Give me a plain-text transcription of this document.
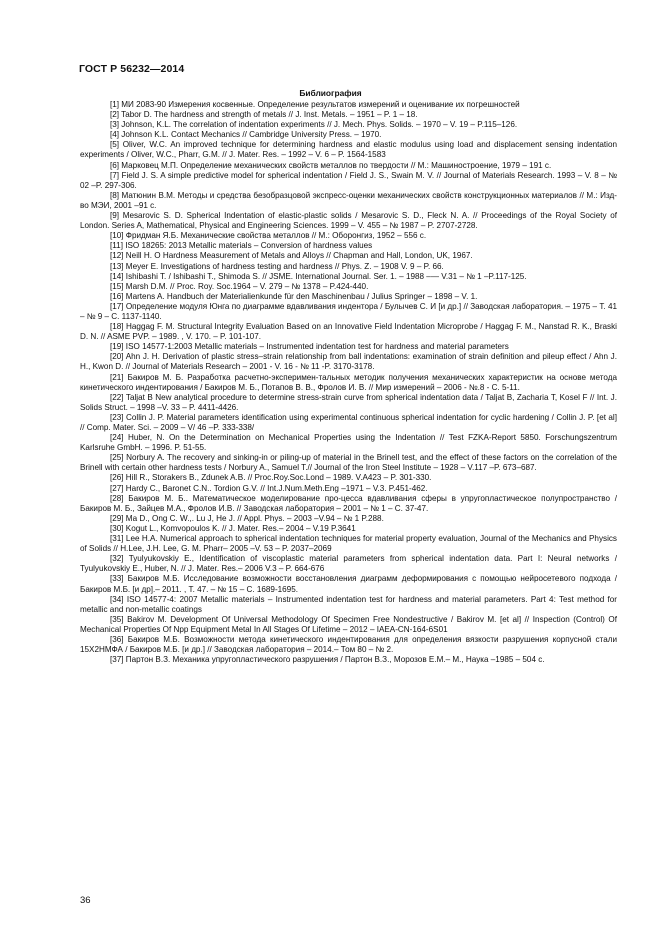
ГОСТ Р 56232—2014
Библиография

[1] МИ 2083-90 Измерения косвенные. Определение результатов измерений и оценивание их погрешностей

[2] Tabor D. The hardness and strength of metals // J. Inst. Metals. – 1951 – P. 1 – 18.

[3] Johnson, K.L. The correlation of indentation experiments // J. Mech. Phys. Solids. – 1970 – V. 19 – P.115–126.

[4] Johnson K.L. Contact Mechanics // Cambridge University Press. – 1970.

[5] Oliver, W.C. An improved technique for determining hardness and elastic modulus using load and displacement sensing indentation experiments / Oliver, W.C., Pharr, G.M. // J. Mater. Res. – 1992 – V. 6 – P. 1564-1583

[6] Марковец М.П. Определение механических свойств металлов по твердости // М.: Машиностроение, 1979 – 191 с.

[7] Field J. S. A simple predictive model for spherical indentation / Field J. S., Swain M. V. // Journal of Materials Research. 1993 – V. 8 – № 02 –P. 297-306.

[8] Матюнин В.М. Методы и средства безобразцовой экспресс-оценки механических свойств конструкционных материалов // М.: Изд-во МЭИ, 2001 –91 с.

[9] Mesarovic S. D. Spherical Indentation of elastic-plastic solids / Mesarovic S. D., Fleck N. A. // Proceedings of the Royal Society of London. Series A, Mathematical, Physical and Engineering Sciences. 1999 – V. 455 – № 1987 – P. 2707-2728.

[10] Фридман Я.Б. Механические свойства металлов // М.: Оборонгиз, 1952 – 556 с.

[11] ISO 18265: 2013 Metallic materials – Conversion of hardness values

[12] Neill H. O Hardness Measurement of Metals and Alloys // Chapman and Hall, London, UK, 1967.

[13] Meyer E. Investigations of hardness testing and hardness // Phys. Z. – 1908 V. 9 – P. 66.

[14] Ishibashi T. / Ishibashi T., Shimoda S. // JSME. International Journal. Ser. 1. – 1988 –— V.31 – № 1 –P.117-125.

[15] Marsh D.M. // Proc. Roy. Soc.1964 – V. 279 – № 1378 – P.424-440.

[16] Martens A. Handbuch der Materialienkunde für den Maschinenbau / Julius Springer – 1898 – V. 1.

[17] Определение модуля Юнга по диаграмме вдавливания индентора / Булычев С. И [и др.] // Заводская лаборатория. – 1975 – Т. 41 – № 9 – С. 1137-1140.

[18] Haggag F. M. Structural Integrity Evaluation Based on an Innovative Field Indentation Microprobe / Haggag F. M., Nanstad R. K., Braski D. N. // ASME PVP. – 1989. , V. 170. – P. 101-107.

[19] ISO 14577-1:2003 Metallic materials – Instrumented indentation test for hardness and material parameters

[20] Ahn J. H. Derivation of plastic stress–strain relationship from ball indentations: examination of strain definition and pileup effect / Ahn J. H., Kwon D. // Journal of Materials Research – 2001 - V. 16 - № 11 -P. 3170-3178.

[21] Бакиров М. Б. Разработка расчетно-эксперимен-тальных методик получения механических характеристик на основе метода кинетического индентирования / Бакиров М. Б., Потапов В. В., Фролов И. В. // Мир измерений – 2006 - №.8 - С. 5-11.

[22] Taljat B New analytical procedure to determine stress-strain curve from spherical indentation data / Taljat B, Zacharia T, Kosel F // Int. J. Solids Struct. – 1998 –V. 33 – P. 4411-4426.

[23] Collin J. P. Material parameters identification using experimental continuous spherical indentation for cyclic hardening / Collin J. P. [et al] // Comp. Mater. Sci. – 2009 – V/ 46 –P. 333-338/

[24] Huber, N. On the Determination on Mechanical Properties using the Indentation // Test FZKA-Report 5850. Forschungszentrum Karlsruhe GmbH. – 1996. P. 51-55.

[25] Norbury A. The recovery and sinking-in or piling-up of material in the Brinell test, and the effect of these factors on the correlation of the Brinell with certain other hardness tests / Norbury A., Samuel T.// Journal of the Iron Steel Institute – 1928 – V.117 –P. 673–687.

[26] Hill R., Storakers B., Zdunek A.B. // Proc.Roy.Soc.Lond – 1989. V.A423 – P. 301-330.

[27] Hardy C., Baronet C.N.. Tordion G.V. // Int.J.Num.Meth.Eng –1971 – V.3. P.451-462.

[28] Бакиров М. Б.. Математическое моделирование про-цесса вдавливания сферы в упругопластическое полупространство / Бакиров М. Б., Зайцев М.А., Фролов И.В. // Заводская лаборатория – 2001 – № 1 – С. 37-47.

[29] Ma D., Ong C. W.,. Lu J, He J. // Appl. Phys. – 2003 –V.94 – № 1 P.288.

[30] Kogut L., Komvopoulos K. // J. Mater. Res.– 2004 – V.19 P.3641

[31] Lee H.A. Numerical approach to spherical indentation techniques for material property evaluation, Journal of the Mechanics and Physics of Solids // H.Lee, J.H. Lee, G. M. Pharr– 2005 –V. 53 – P. 2037–2069

[32] Tyulyukovskiy E., Identification of viscoplastic material parameters from spherical indentation data. Part I: Neural networks / Tyulyukovskiy E., Huber, N. // J. Mater. Res.– 2006 V.3 – P. 664-676

[33] Бакиров М.Б. Исследование возможности восстановления диаграмм деформирования с помощью нейросетевого подхода / Бакиров М.Б. [и др].– 2011. , Т. 47. – № 15 – С. 1689-1695.

[34] ISO 14577-4: 2007 Metallic materials – Instrumented indentation test for hardness and material parameters. Part 4: Test method for metallic and non-metallic coatings

[35] Bakirov M. Development Of Universal Methodology Of Specimen Free Nondestructive / Bakirov M. [et al] // Inspection (Control) Of Mechanical Properties Of Npp Equipment Metal In All Stages Of Lifetime – 2012 – IAEA-CN-164-6S01

[36] Бакиров М.Б. Возможности метода кинетического индентирования для определения вязкости разрушения корпусной стали 15Х2НМФА / Бакиров М.Б. [и др.] // Заводская лаборатория – 2014.– Том 80 – № 2.

[37] Партон В.З. Механика упругопластического разрушения / Партон В.З., Морозов Е.М.– М., Наука –1985 – 504 с.

36
